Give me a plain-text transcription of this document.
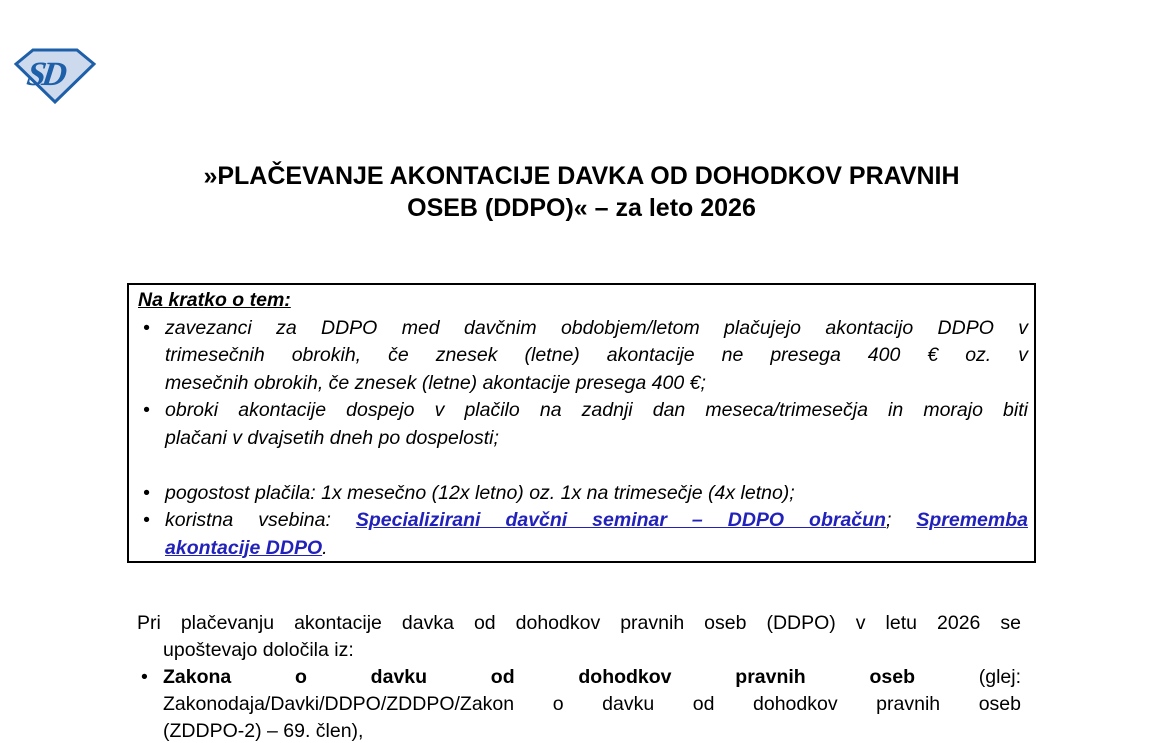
SD
»PLAČEVANJE AKONTACIJE DAVKA OD DOHODKOV PRAVNIH
OSEB (DDPO)« – za leto 2026
Na kratko o tem:
•
zavezanci za DDPO med davčnim obdobjem/letom plačujejo akontacijo DDPO v
trimesečnih obrokih, če znesek (letne) akontacije ne presega 400 € oz. v
mesečnih obrokih, če znesek (letne) akontacije presega 400 €;
•
obroki akontacije dospejo v plačilo na zadnji dan meseca/trimesečja in morajo biti
plačani v dvajsetih dneh po dospelosti;
•
pogostost plačila: 1x mesečno (12x letno) oz. 1x na trimesečje (4x letno);
•
koristna vsebina: Specializirani davčni seminar – DDPO obračun; Sprememba
akontacije DDPO.
Pri plačevanju akontacije davka od dohodkov pravnih oseb (DDPO) v letu 2026 se
upoštevajo določila iz:
•
Zakona o davku od dohodkov pravnih oseb (glej:
Zakonodaja/Davki/DDPO/ZDDPO/Zakon o davku od dohodkov pravnih oseb
(ZDDPO-2) – 69. člen),
